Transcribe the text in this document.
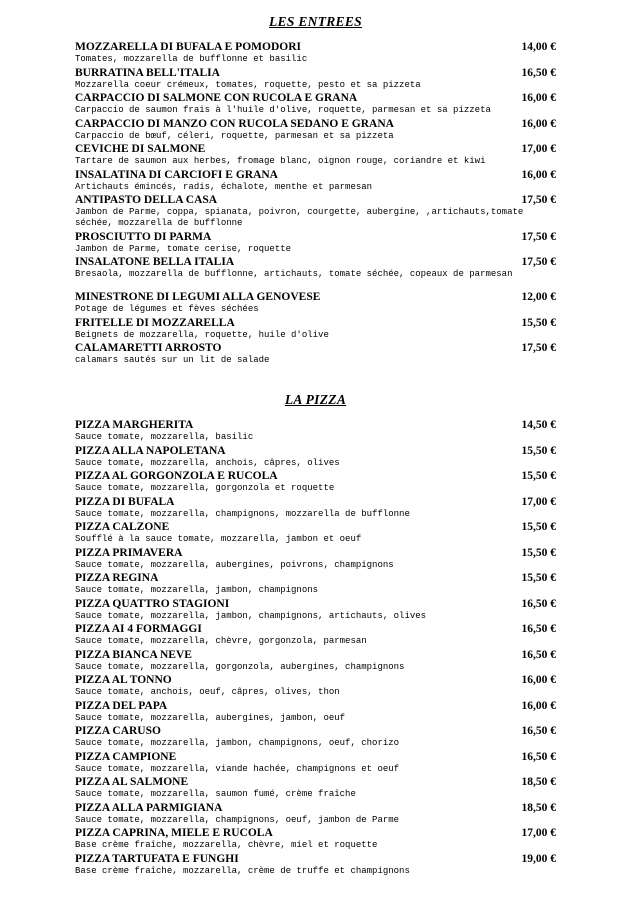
LES ENTREES
MOZZARELLA DI BUFALA E POMODORI	14,00 €
Tomates, mozzarella de bufflonne et basilic
BURRATINA BELL'ITALIA	16,50 €
Mozzarella coeur crémeux, tomates, roquette, pesto et sa pizzeta
CARPACCIO DI SALMONE CON RUCOLA E GRANA	16,00 €
Carpaccio de saumon frais à l'huile d'olive, roquette, parmesan et sa pizzeta
CARPACCIO DI MANZO CON RUCOLA SEDANO E GRANA	16,00 €
Carpaccio de bœuf, céleri, roquette, parmesan et sa pizzeta
CEVICHE DI SALMONE	17,00 €
Tartare de saumon aux herbes, fromage blanc, oignon rouge, coriandre et kiwi
INSALATINA DI CARCIOFI E GRANA	16,00 €
Artichauts émincés, radis, échalote, menthe et parmesan
ANTIPASTO DELLA CASA	17,50 €
Jambon de Parme, coppa, spianata, poivron, courgette, aubergine, ,artichauts,tomate séchée, mozzarella de bufflonne
PROSCIUTTO DI PARMA	17,50 €
Jambon de Parme, tomate cerise, roquette
INSALATONE BELLA ITALIA	17,50 €
Bresaola, mozzarella de bufflonne, artichauts, tomate séchée, copeaux de parmesan
MINESTRONE DI LEGUMI ALLA GENOVESE	12,00 €
Potage de légumes et fèves séchées
FRITELLE DI MOZZARELLA	15,50 €
Beignets de mozzarella, roquette, huile d'olive
CALAMARETTI ARROSTO	17,50 €
calamars sautés sur un lit de salade
LA PIZZA
PIZZA MARGHERITA	14,50 €
Sauce tomate, mozzarella, basilic
PIZZA ALLA NAPOLETANA	15,50 €
Sauce tomate, mozzarella, anchois, câpres, olives
PIZZA AL GORGONZOLA E RUCOLA	15,50 €
Sauce tomate, mozzarella, gorgonzola et roquette
PIZZA DI BUFALA	17,00 €
Sauce tomate, mozzarella, champignons, mozzarella de bufflonne
PIZZA CALZONE	15,50 €
Soufflé à la sauce tomate, mozzarella, jambon et oeuf
PIZZA PRIMAVERA	15,50 €
Sauce tomate, mozzarella, aubergines, poivrons, champignons
PIZZA REGINA	15,50 €
Sauce tomate, mozzarella, jambon, champignons
PIZZA QUATTRO STAGIONI	16,50 €
Sauce tomate, mozzarella, jambon, champignons, artichauts, olives
PIZZA AI 4 FORMAGGI	16,50 €
Sauce tomate, mozzarella, chèvre, gorgonzola, parmesan
PIZZA BIANCA NEVE	16,50 €
Sauce tomate, mozzarella, gorgonzola, aubergines, champignons
PIZZA AL TONNO	16,00 €
Sauce tomate, anchois, oeuf, câpres, olives, thon
PIZZA DEL PAPA	16,00 €
Sauce tomate, mozzarella, aubergines, jambon, oeuf
PIZZA CARUSO	16,50 €
Sauce tomate, mozzarella, jambon, champignons, oeuf, chorizo
PIZZA CAMPIONE	16,50 €
Sauce tomate, mozzarella, viande hachée, champignons et oeuf
PIZZA AL SALMONE	18,50 €
Sauce tomate, mozzarella, saumon fumé, crème fraîche
PIZZA ALLA PARMIGIANA	18,50 €
Sauce tomate, mozzarella, champignons, oeuf, jambon de Parme
PIZZA CAPRINA, MIELE E RUCOLA	17,00 €
Base crème fraîche, mozzarella, chèvre, miel et roquette
PIZZA TARTUFATA E FUNGHI	19,00 €
Base crème fraîche, mozzarella, crème de truffe et champignons
